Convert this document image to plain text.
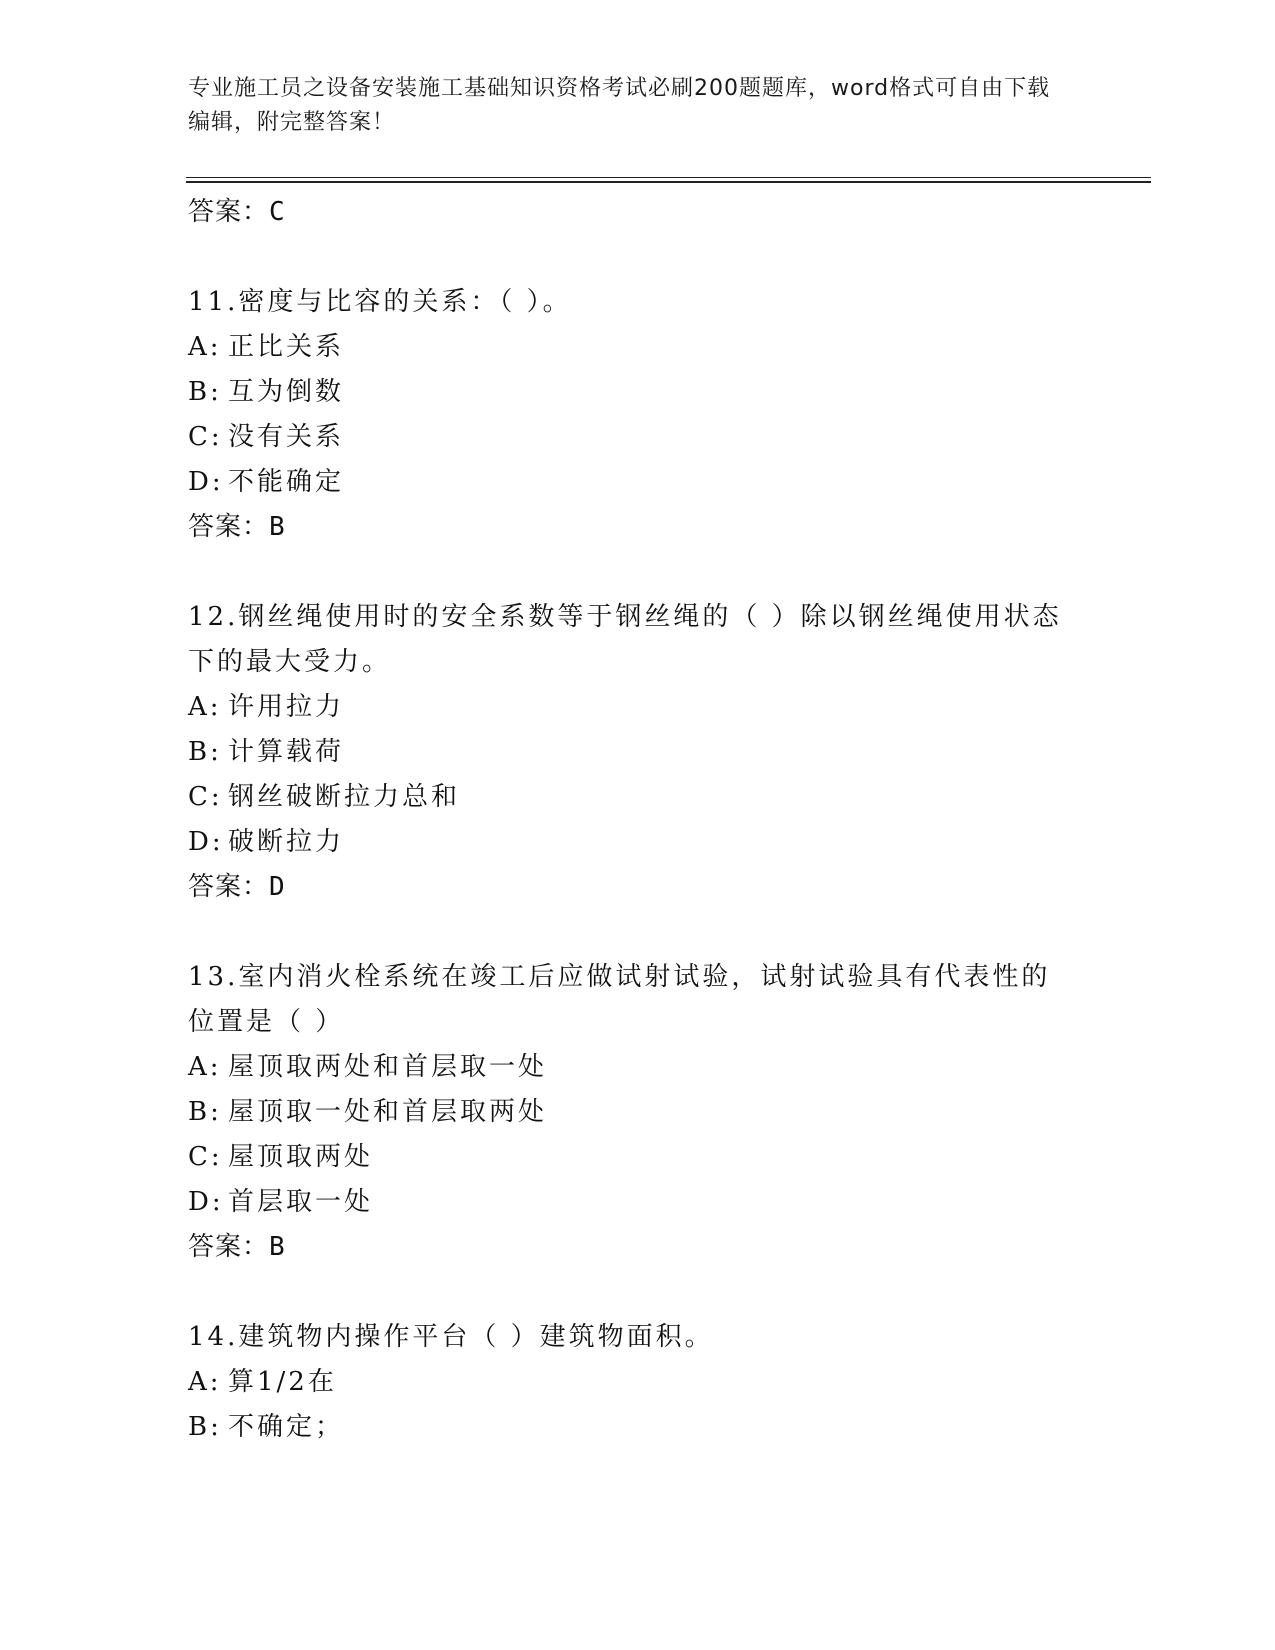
专业施工员之设备安装施工基础知识资格考试必刷200题题库，word格式可自由下载编辑，附完整答案！
答案：C
11.密度与比容的关系：（ ）。
A: 正比关系
B: 互为倒数
C: 没有关系
D: 不能确定
答案：B
12.钢丝绳使用时的安全系数等于钢丝绳的（ ）除以钢丝绳使用状态下的最大受力。
A: 许用拉力
B: 计算载荷
C: 钢丝破断拉力总和
D: 破断拉力
答案：D
13.室内消火栓系统在竣工后应做试射试验，试射试验具有代表性的位置是（ ）
A: 屋顶取两处和首层取一处
B: 屋顶取一处和首层取两处
C: 屋顶取两处
D: 首层取一处
答案：B
14.建筑物内操作平台（ ）建筑物面积。
A: 算1/2在
B: 不确定；
